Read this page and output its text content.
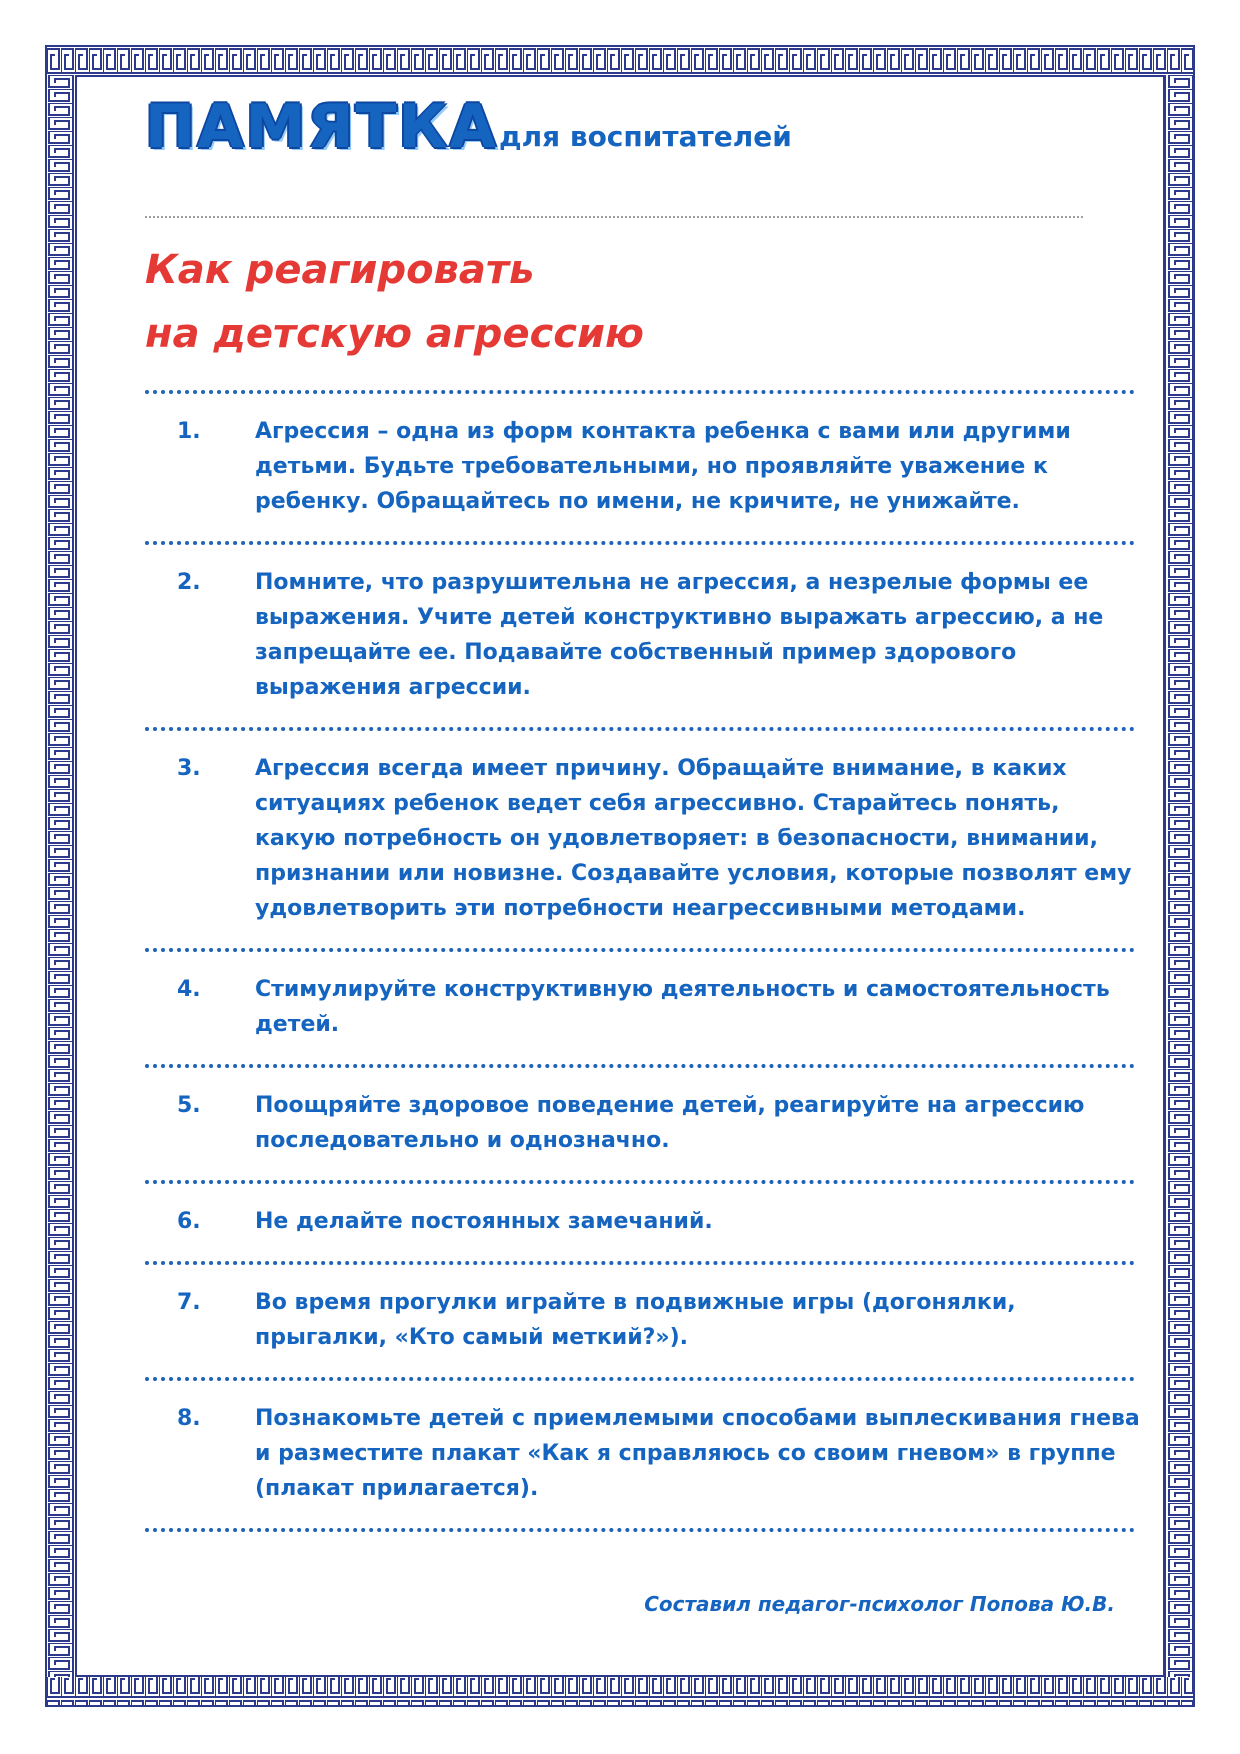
ПАМЯТКА для воспитателей
Как реагировать
на детскую агрессию
1. Агрессия – одна из форм контакта ребенка с вами или другими детьми. Будьте требовательными, но проявляйте уважение к ребенку. Обращайтесь по имени, не кричите, не унижайте.
2. Помните, что разрушительна не агрессия, а незрелые формы ее выражения. Учите детей конструктивно выражать агрессию, а не запрещайте ее. Подавайте собственный пример здорового выражения агрессии.
3. Агрессия всегда имеет причину. Обращайте внимание, в каких ситуациях ребенок ведет себя агрессивно. Старайтесь понять, какую потребность он удовлетворяет: в безопасности, внимании, признании или новизне. Создавайте условия, которые позволят ему удовлетворить эти потребности неагрессивными методами.
4. Стимулируйте конструктивную деятельность и самостоятельность детей.
5. Поощряйте здоровое поведение детей, реагируйте на агрессию последовательно и однозначно.
6. Не делайте постоянных замечаний.
7. Во время прогулки играйте в подвижные игры (догонялки, прыгалки, «Кто самый меткий?»).
8. Познакомьте детей с приемлемыми способами выплескивания гнева и разместите плакат «Как я справляюсь со своим гневом» в группе (плакат прилагается).
Составил педагог-психолог Попова Ю.В.
